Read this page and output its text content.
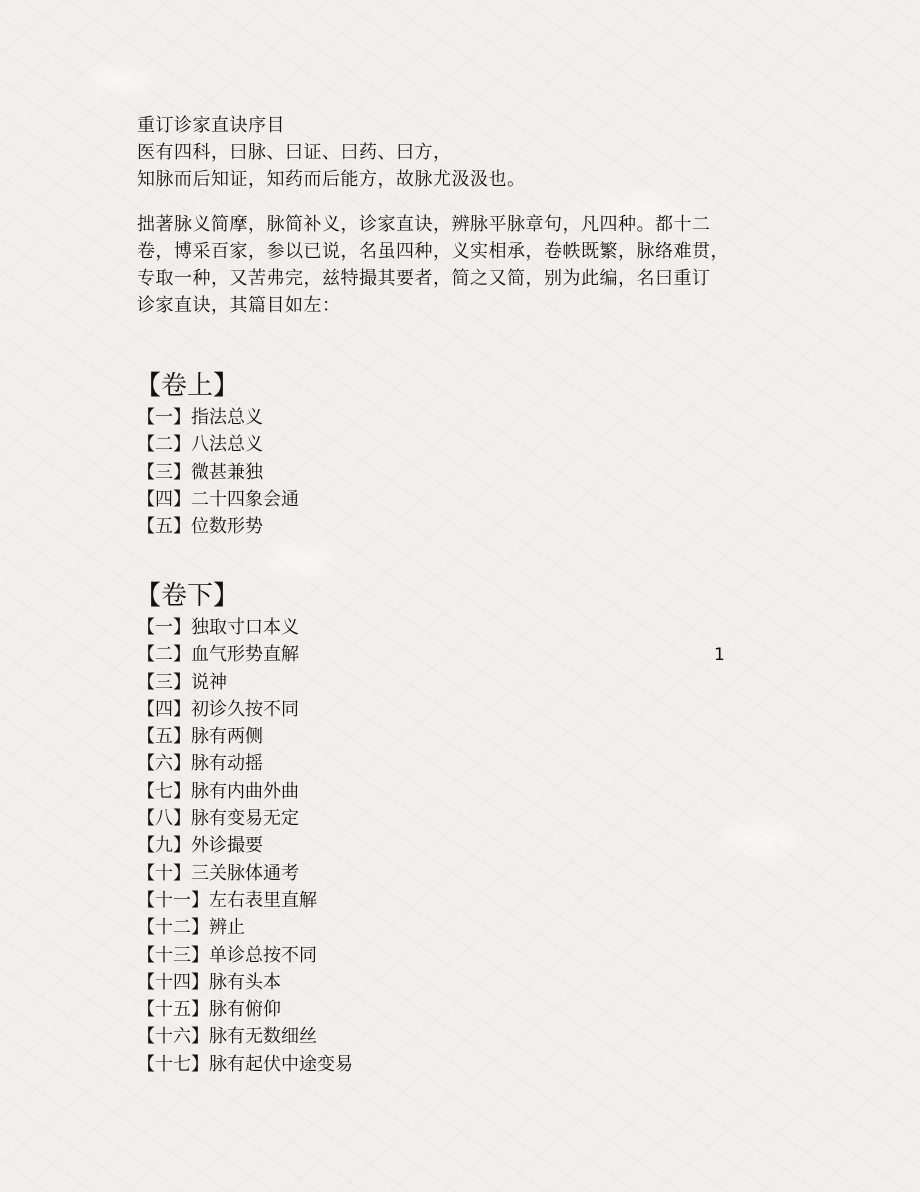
重订诊家直诀序目

医有四科，曰脉、曰证、曰药、曰方，

知脉而后知证，知药而后能方，故脉尤汲汲也。

拙著脉义简摩，脉简补义，诊家直诀，辨脉平脉章句，凡四种。都十二

卷，博采百家，参以已说，名虽四种，义实相承，卷帙既繁，脉络难贯，

专取一种，又苦弗完，兹特撮其要者，简之又简，别为此编，名曰重订

诊家直诀，其篇目如左：

【卷上】
【一】指法总义
【二】八法总义
【三】微甚兼独
【四】二十四象会通
【五】位数形势
【卷下】
【一】独取寸口本义
【二】血气形势直解
【三】说神
【四】初诊久按不同
【五】脉有两侧
【六】脉有动摇
【七】脉有内曲外曲
【八】脉有变易无定
【九】外诊撮要
【十】三关脉体通考
【十一】左右表里直解
【十二】辨止
【十三】单诊总按不同
【十四】脉有头本
【十五】脉有俯仰
【十六】脉有无数细丝
【十七】脉有起伏中途变易
1
